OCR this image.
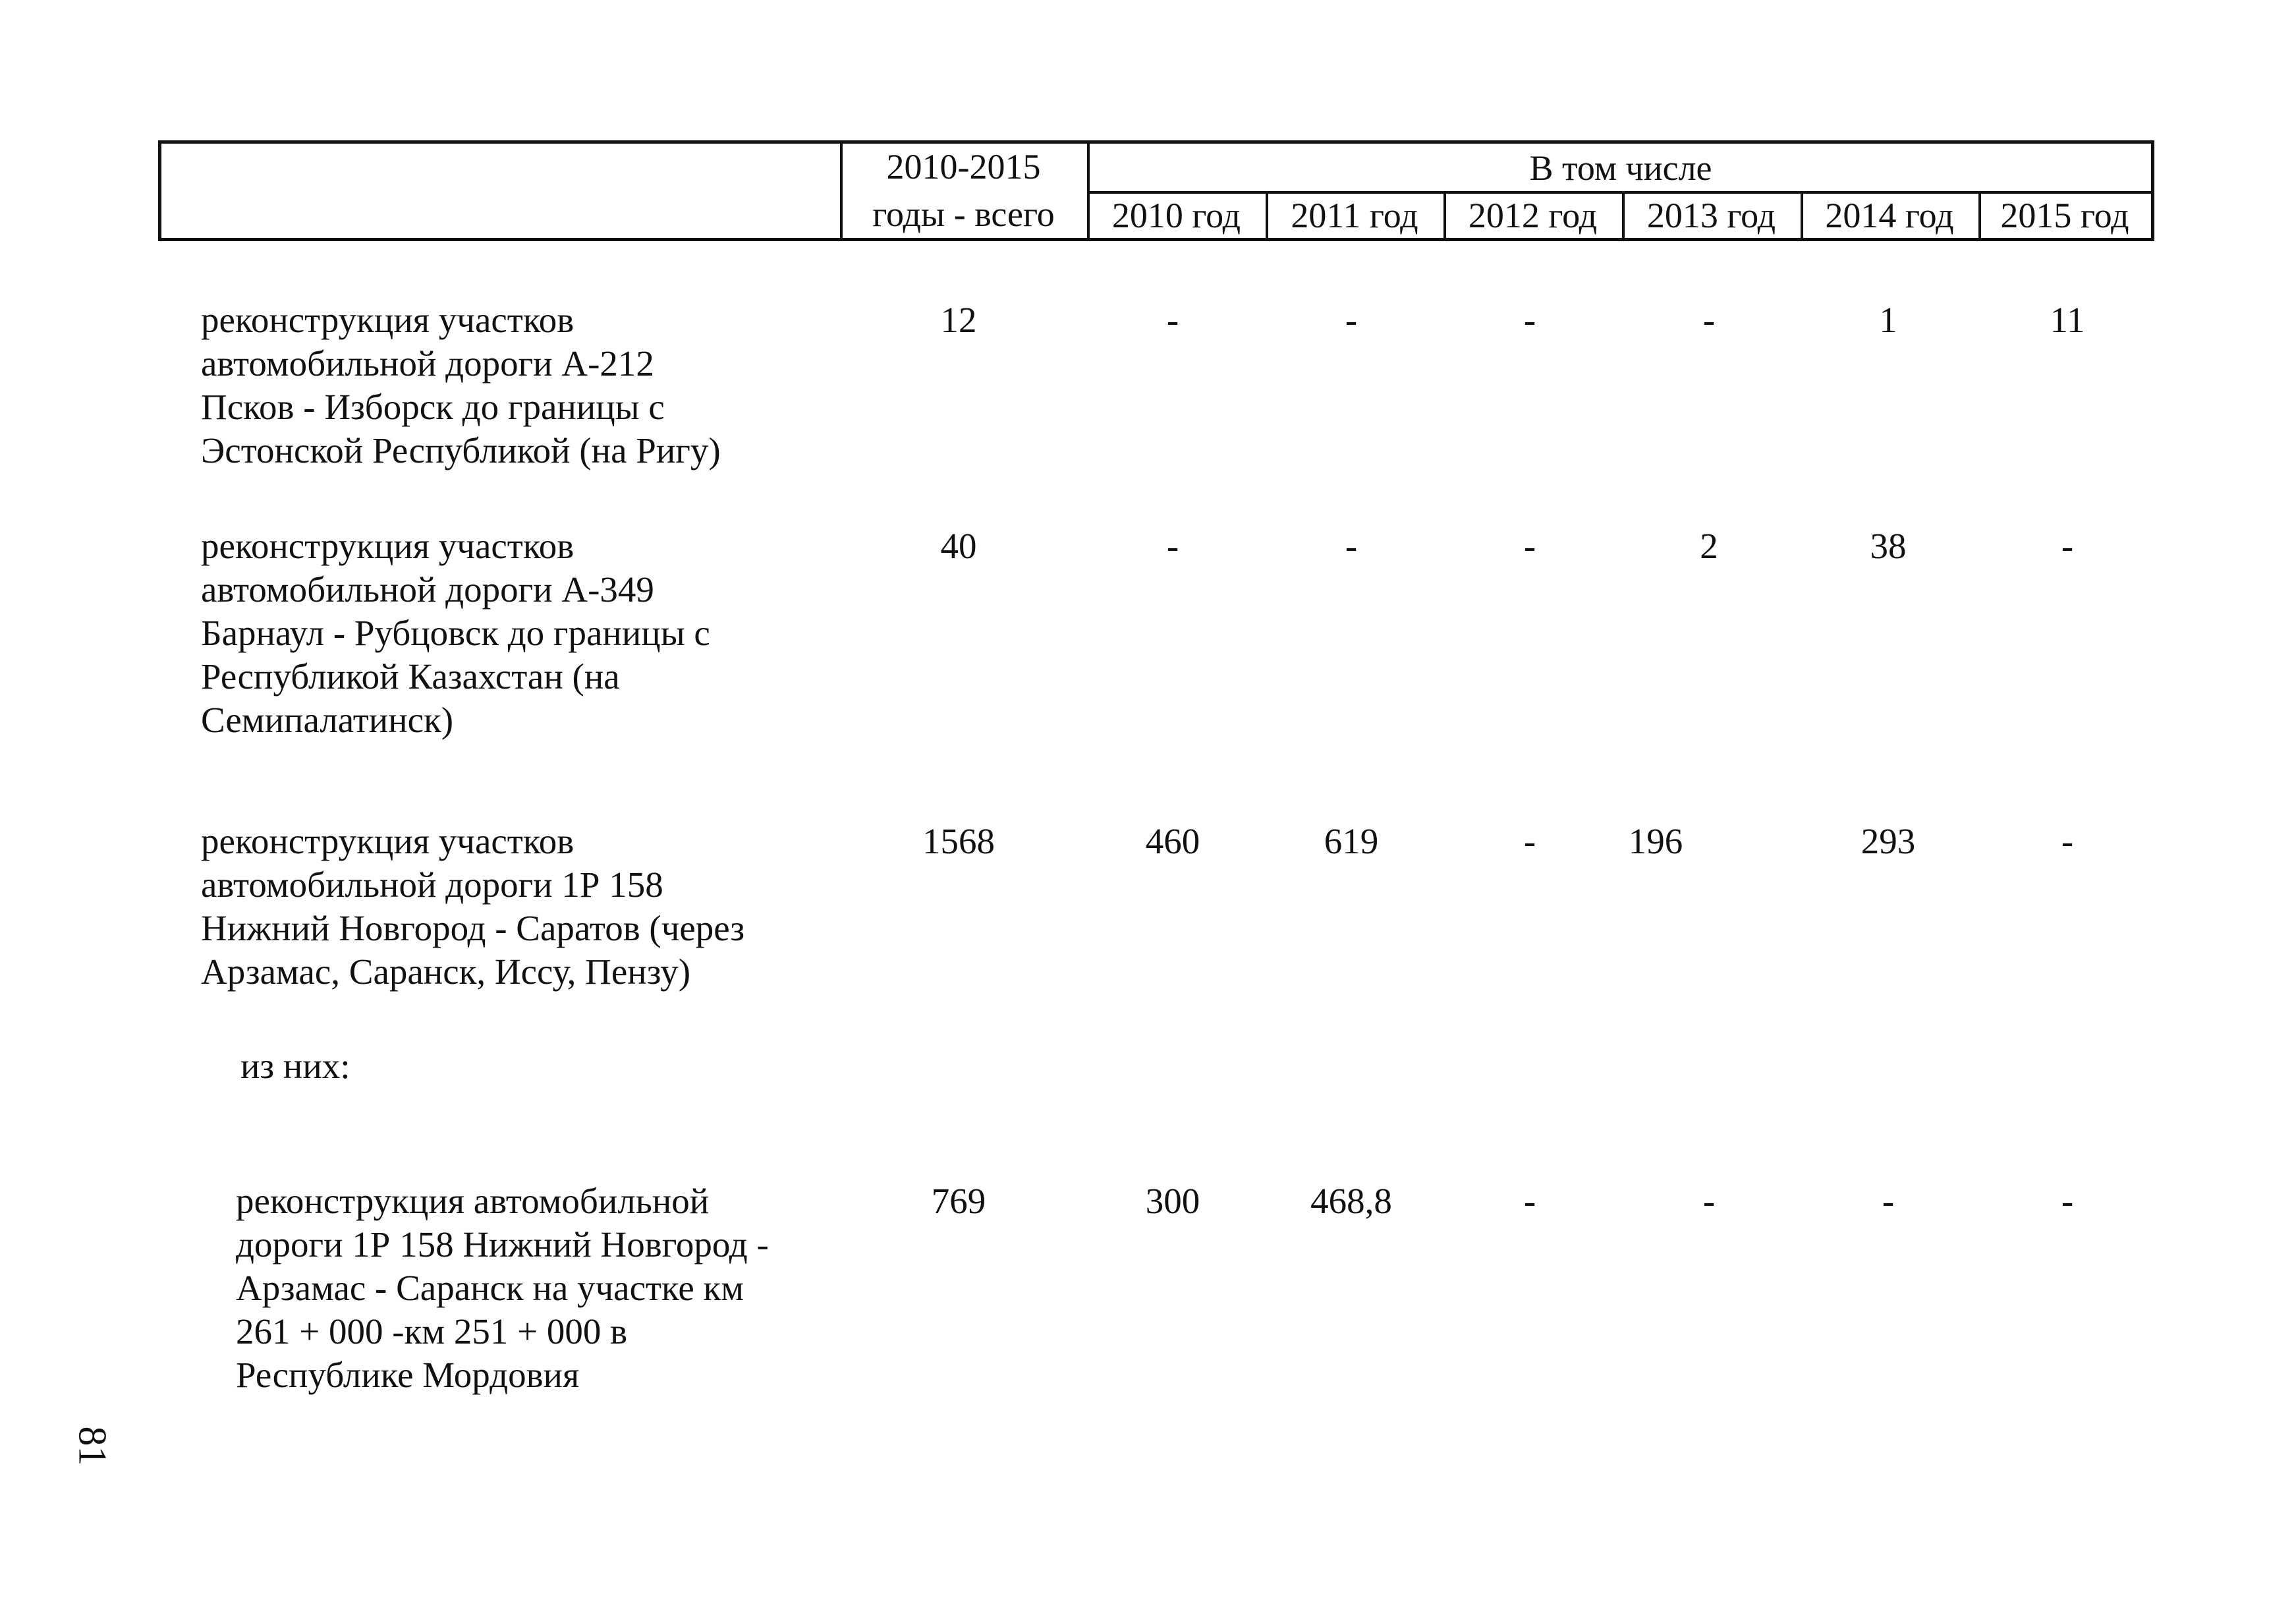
2010-2015
годы - всего
В том числе
2010 год	2011 год	2012 год	2013 год	2014 год	2015 год
реконструкция участков
автомобильной дороги А-212
Псков - Изборск до границы с
Эстонской Республикой (на Ригу)
12	-	-	-	-	1	11
реконструкция участков
автомобильной дороги А-349
Барнаул - Рубцовск до границы с
Республикой Казахстан (на
Семипалатинск)
40	-	-	-	2	38	-
реконструкция участков
автомобильной дороги 1Р 158
Нижний Новгород - Саратов (через
Арзамас, Саранск, Иссу, Пензу)
1568	460	619	-	196	293	-
из них:
реконструкция автомобильной
дороги 1Р 158 Нижний Новгород -
Арзамас - Саранск на участке км
261 + 000 -км 251 + 000 в
Республике Мордовия
769	300	468,8	-	-	-	-
81
